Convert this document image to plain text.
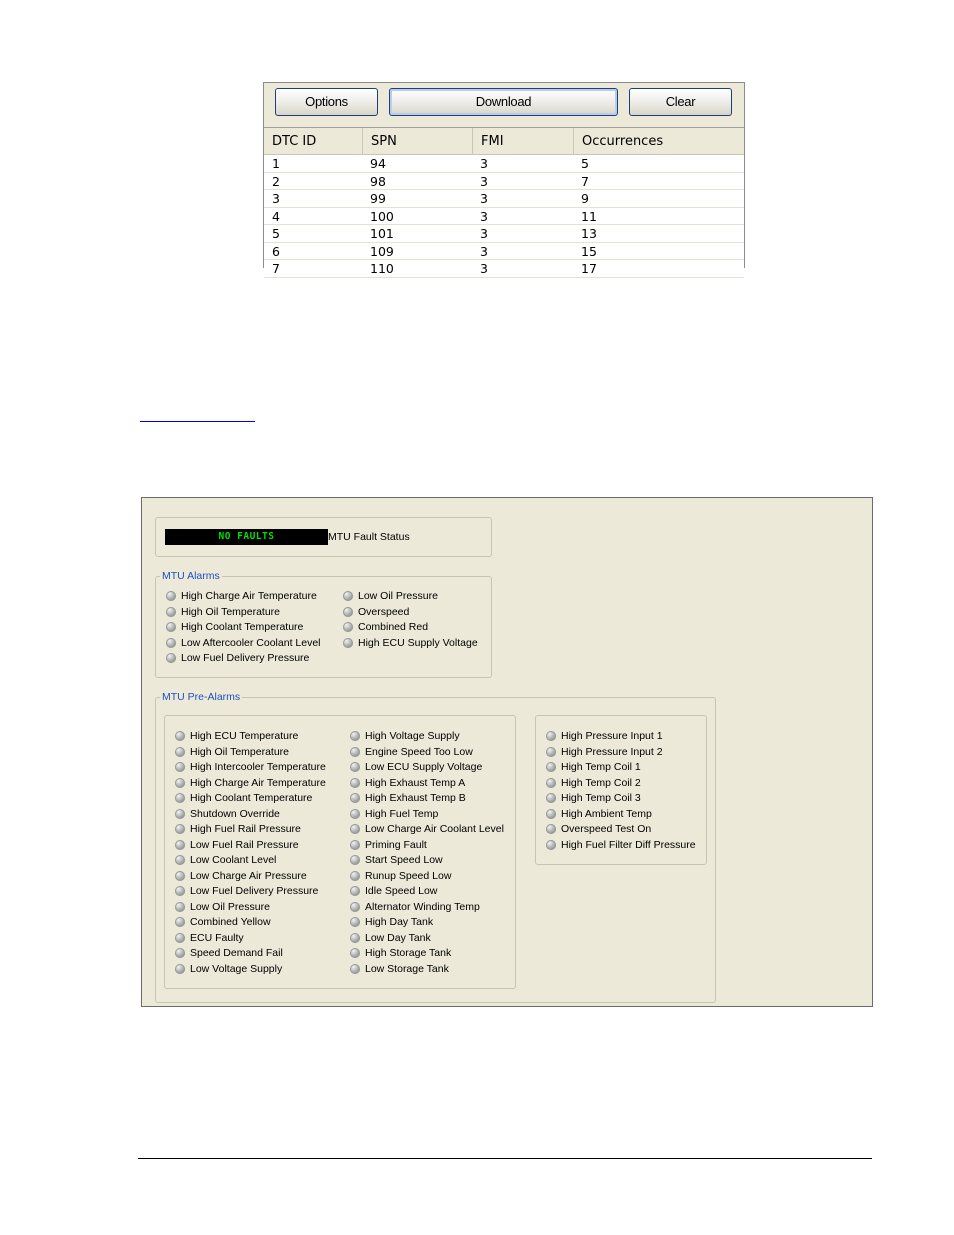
Options	Download	Clear
DTC ID	SPN	FMI	Occurrences
1	94	3	5
2	98	3	7
3	99	3	9
4	100	3	11
5	101	3	13
6	109	3	15
7	110	3	17
NO FAULTS	MTU Fault Status
MTU Alarms
High Charge Air Temperature
High Oil Temperature
High Coolant Temperature
Low Aftercooler Coolant Level
Low Fuel Delivery Pressure
Low Oil Pressure
Overspeed
Combined Red
High ECU Supply Voltage
MTU Pre-Alarms
High ECU Temperature
High Oil Temperature
High Intercooler Temperature
High Charge Air Temperature
High Coolant Temperature
Shutdown Override
High Fuel Rail Pressure
Low Fuel Rail Pressure
Low Coolant Level
Low Charge Air Pressure
Low Fuel Delivery Pressure
Low Oil Pressure
Combined Yellow
ECU Faulty
Speed Demand Fail
Low Voltage Supply
High Voltage Supply
Engine Speed Too Low
Low ECU Supply Voltage
High Exhaust Temp A
High Exhaust Temp B
High Fuel Temp
Low Charge Air Coolant Level
Priming Fault
Start Speed Low
Runup Speed Low
Idle Speed Low
Alternator Winding Temp
High Day Tank
Low Day Tank
High Storage Tank
Low Storage Tank
High Pressure Input 1
High Pressure Input 2
High Temp Coil 1
High Temp Coil 2
High Temp Coil 3
High Ambient Temp
Overspeed Test On
High Fuel Filter Diff Pressure
